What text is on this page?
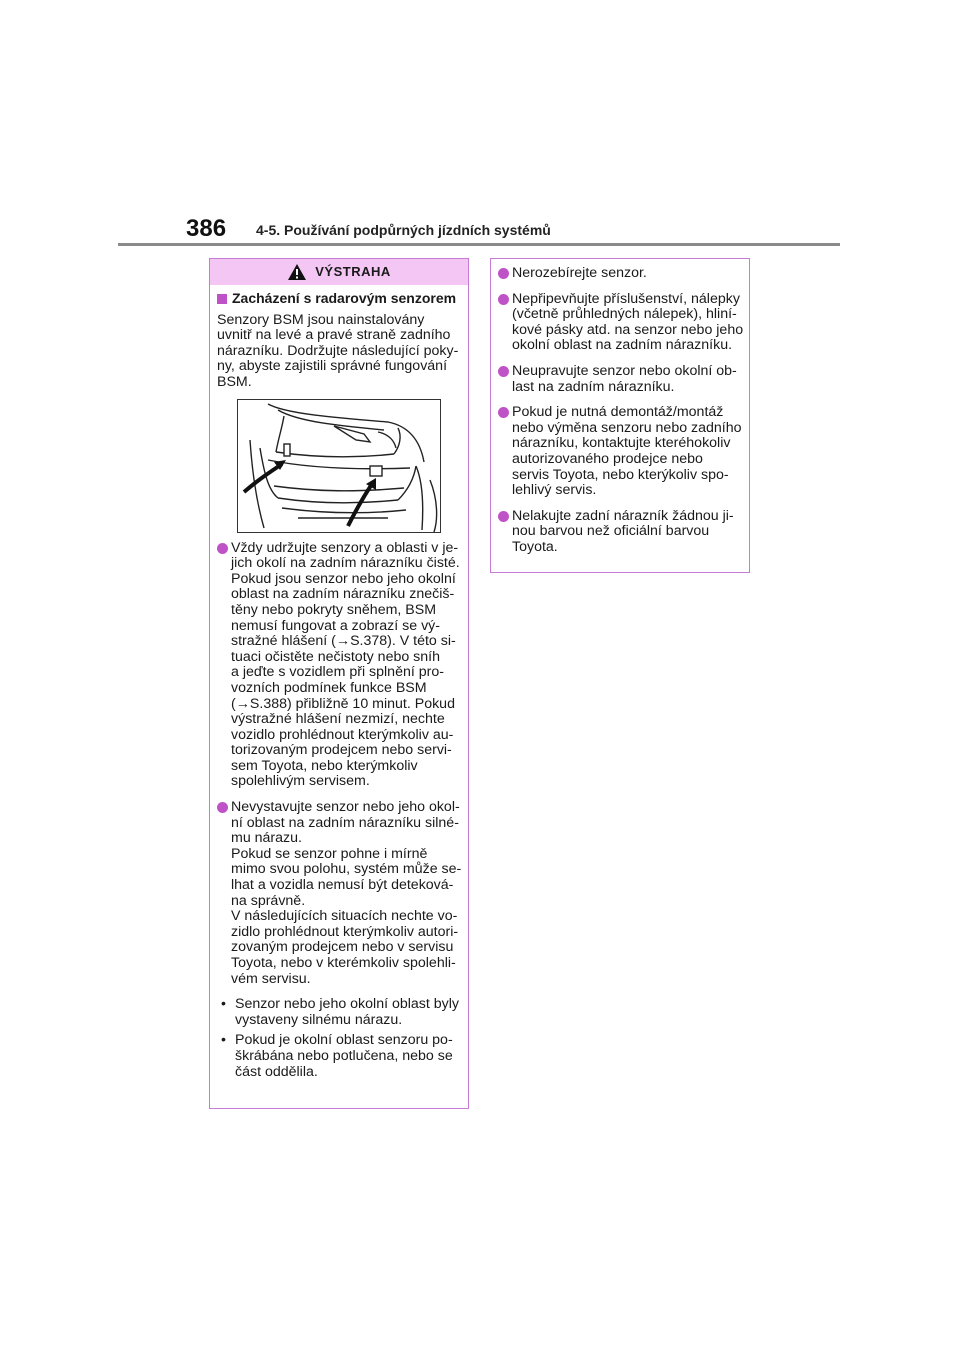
386 4-5. Používání podpůrných jízdních systémů
VÝSTRAHA
Zacházení s radarovým senzorem
Senzory BSM jsou nainstalovány
uvnitř na levé a pravé straně zadního
nárazníku. Dodržujte následující poky-
ny, abyste zajistili správné fungování
BSM.
Vždy udržujte senzory a oblasti v je-
jich okolí na zadním nárazníku čisté.
Pokud jsou senzor nebo jeho okolní
oblast na zadním nárazníku znečiš-
těny nebo pokryty sněhem, BSM
nemusí fungovat a zobrazí se vý-
stražné hlášení (→S.378). V této si-
tuaci očistěte nečistoty nebo sníh
a jeďte s vozidlem při splnění pro-
vozních podmínek funkce BSM
(→S.388) přibližně 10 minut. Pokud
výstražné hlášení nezmizí, nechte
vozidlo prohlédnout kterýmkoliv au-
torizovaným prodejcem nebo servi-
sem Toyota, nebo kterýmkoliv
spolehlivým servisem.
Nevystavujte senzor nebo jeho okol-
ní oblast na zadním nárazníku silné-
mu nárazu.
Pokud se senzor pohne i mírně
mimo svou polohu, systém může se-
lhat a vozidla nemusí být deteková-
na správně.
V následujících situacích nechte vo-
zidlo prohlédnout kterýmkoliv autori-
zovaným prodejcem nebo v servisu
Toyota, nebo v kterémkoliv spolehli-
vém servisu.
• Senzor nebo jeho okolní oblast byly
vystaveny silnému nárazu.
• Pokud je okolní oblast senzoru po-
škrábána nebo potlučena, nebo se
část oddělila.
Nerozebírejte senzor.
Nepřipevňujte příslušenství, nálepky
(včetně průhledných nálepek), hliní-
kové pásky atd. na senzor nebo jeho
okolní oblast na zadním nárazníku.
Neupravujte senzor nebo okolní ob-
last na zadním nárazníku.
Pokud je nutná demontáž/montáž
nebo výměna senzoru nebo zadního
nárazníku, kontaktujte kteréhokoliv
autorizovaného prodejce nebo
servis Toyota, nebo kterýkoliv spo-
lehlivý servis.
Nelakujte zadní nárazník žádnou ji-
nou barvou než oficiální barvou
Toyota.
